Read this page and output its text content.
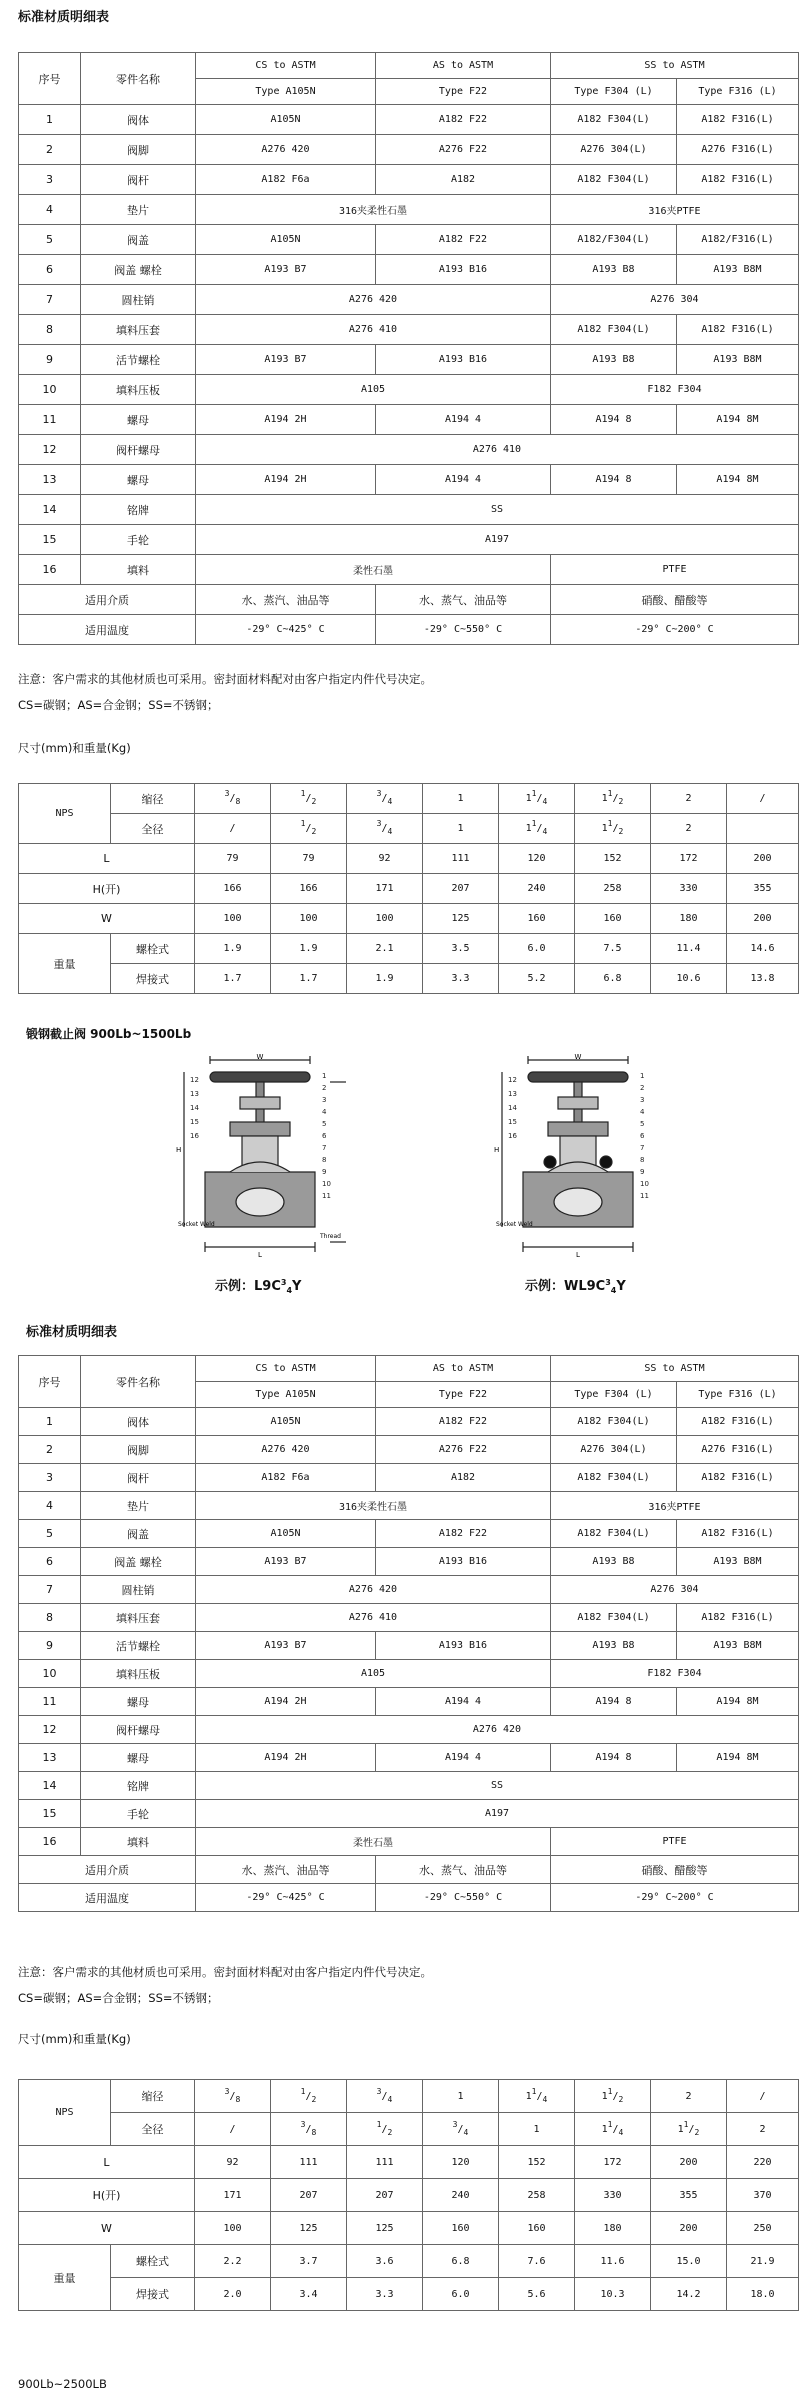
标准材质明细表
序号	零件名称	CS to ASTM	AS to ASTM	SS to ASTM	
		Type A105N	Type F22	Type F304 (L)	Type F316 (L)
1	阀体	A105N	A182 F22	A182 F304(L)	A182 F316(L)
2	阀脚	A276 420	A276 F22	A276 304(L)	A276 F316(L)
3	阀杆	A182 F6a	A182	A182 F304(L)	A182 F316(L)
4	垫片	316夹柔性石墨		316夹PTFE	
5	阀盖	A105N	A182 F22	A182/F304(L)	A182/F316(L)
6	阀盖 螺栓	A193 B7	A193 B16	A193 B8	A193 B8M
7	圆柱销	A276 420		A276 304	
8	填料压套	A276 410		A182 F304(L)	A182 F316(L)
9	活节螺栓	A193 B7	A193 B16	A193 B8	A193 B8M
10	填料压板	A105		F182 F304	
11	螺母	A194 2H	A194 4	A194 8	A194 8M
12	阀杆螺母	A276 410			
13	螺母	A194 2H	A194 4	A194 8	A194 8M
14	铭牌	SS			
15	手轮	A197			
16	填料	柔性石墨		PTFE	
适用介质		水、蒸汽、油品等	水、蒸气、油品等	硝酸、醋酸等	
适用温度		-29° C~425° C	-29° C~550° C	-29° C~200° C	
注意：客户需求的其他材质也可采用。密封面材料配对由客户指定内件代号决定。
CS=碳钢；AS=合金钢；SS=不锈钢；
尺寸(mm)和重量(Kg)
NPS	缩径	$^3/_8$	$^1/_2$	$^3/_4$	1	$1^1/_4$	$1^1/_2$	2	/
	全径	/	$^1/_2$	$^3/_4$	1	$1^1/_4$	$1^1/_2$	2	
L		79	79	92	111	120	152	172	200
H(开)		166	166	171	207	240	258	330	355
W		100	100	100	125	160	160	180	200
重量	螺栓式	1.9	1.9	2.1	3.5	6.0	7.5	11.4	14.6
	焊接式	1.7	1.7	1.9	3.3	5.2	6.8	10.6	13.8
锻钢截止阀 900Lb~1500Lb
1
2
3
4
5
6
7
8
9
10
11
12
13
14
15
16
W
L
H
Socket Weld
Thread
示例：$L9C^3_4Y$
1
2
3
4
5
6
7
8
9
10
11
12
13
14
15
16
W
L
H
Socket Weld
示例：$WL9C^3_4Y$
标准材质明细表
序号	零件名称	CS to ASTM	AS to ASTM	SS to ASTM	
		Type A105N	Type F22	Type F304 (L)	Type F316 (L)
1	阀体	A105N	A182 F22	A182 F304(L)	A182 F316(L)
2	阀脚	A276 420	A276 F22	A276 304(L)	A276 F316(L)
3	阀杆	A182 F6a	A182	A182 F304(L)	A182 F316(L)
4	垫片	316夹柔性石墨		316夹PTFE	
5	阀盖	A105N	A182 F22	A182 F304(L)	A182 F316(L)
6	阀盖 螺栓	A193 B7	A193 B16	A193 B8	A193 B8M
7	圆柱销	A276 420		A276 304	
8	填料压套	A276 410		A182 F304(L)	A182 F316(L)
9	活节螺栓	A193 B7	A193 B16	A193 B8	A193 B8M
10	填料压板	A105		F182 F304	
11	螺母	A194 2H	A194 4	A194 8	A194 8M
12	阀杆螺母	A276 420			
13	螺母	A194 2H	A194 4	A194 8	A194 8M
14	铭牌	SS			
15	手轮	A197			
16	填料	柔性石墨		PTFE	
适用介质		水、蒸汽、油品等	水、蒸气、油品等	硝酸、醋酸等	
适用温度		-29° C~425° C	-29° C~550° C	-29° C~200° C	
注意：客户需求的其他材质也可采用。密封面材料配对由客户指定内件代号决定。
CS=碳钢；AS=合金钢；SS=不锈钢；
尺寸(mm)和重量(Kg)
NPS	缩径	$^3/_8$	$^1/_2$	$^3/_4$	1	$1^1/_4$	$1^1/_2$	2	/
	全径	/	$^3/_8$	$^1/_2$	$^3/_4$	1	$1^1/_4$	$1^1/_2$	2
L		92	111	111	120	152	172	200	220
H(开)		171	207	207	240	258	330	355	370
W		100	125	125	160	160	180	200	250
重量	螺栓式	2.2	3.7	3.6	6.8	7.6	11.6	15.0	21.9
	焊接式	2.0	3.4	3.3	6.0	5.6	10.3	14.2	18.0
900Lb~2500LB
